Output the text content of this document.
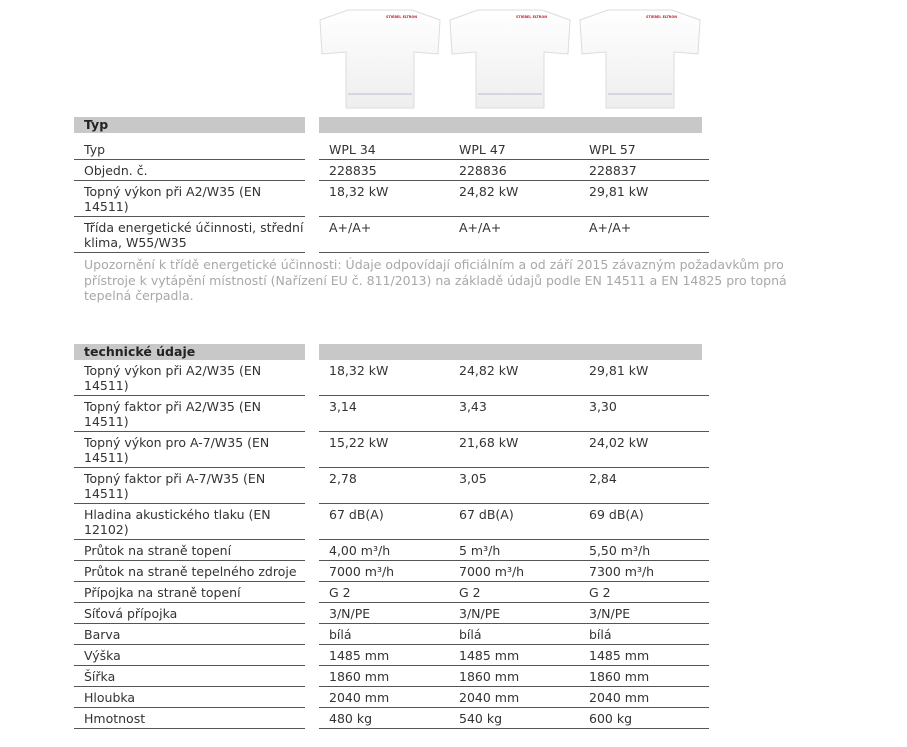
STIEBEL ELTRON	STIEBEL ELTRON	STIEBEL ELTRON
Typ
Typ		WPL 34		WPL 47		WPL 57
Objedn. č.		228835		228836		228837
Topný výkon při A2/W35 (EN 14511)		18,32 kW		24,82 kW		29,81 kW
Třída energetické účinnosti, střední klima, W55/W35		A+/A+		A+/A+		A+/A+
Upozornění k třídě energetické účinnosti: Údaje odpovídají oficiálním a od září 2015 závazným požadavkům pro přístroje k vytápění místností (Nařízení EU č. 811/2013) na základě údajů podle EN 14511 a EN 14825 pro topná tepelná čerpadla.
technické údaje
Topný výkon při A2/W35 (EN 14511)		18,32 kW		24,82 kW		29,81 kW
Topný faktor při A2/W35 (EN 14511)		3,14		3,43		3,30
Topný výkon pro A-7/W35 (EN 14511)		15,22 kW		21,68 kW		24,02 kW
Topný faktor při A-7/W35 (EN 14511)		2,78		3,05		2,84
Hladina akustického tlaku (EN 12102)		67 dB(A)		67 dB(A)		69 dB(A)
Průtok na straně topení		4,00 m³/h		5 m³/h		5,50 m³/h
Průtok na straně tepelného zdroje		7000 m³/h		7000 m³/h		7300 m³/h
Přípojka na straně topení		G 2		G 2		G 2
Síťová přípojka		3/N/PE		3/N/PE		3/N/PE
Barva		bílá		bílá		bílá
Výška		1485 mm		1485 mm		1485 mm
Šířka		1860 mm		1860 mm		1860 mm
Hloubka		2040 mm		2040 mm		2040 mm
Hmotnost		480 kg		540 kg		600 kg
